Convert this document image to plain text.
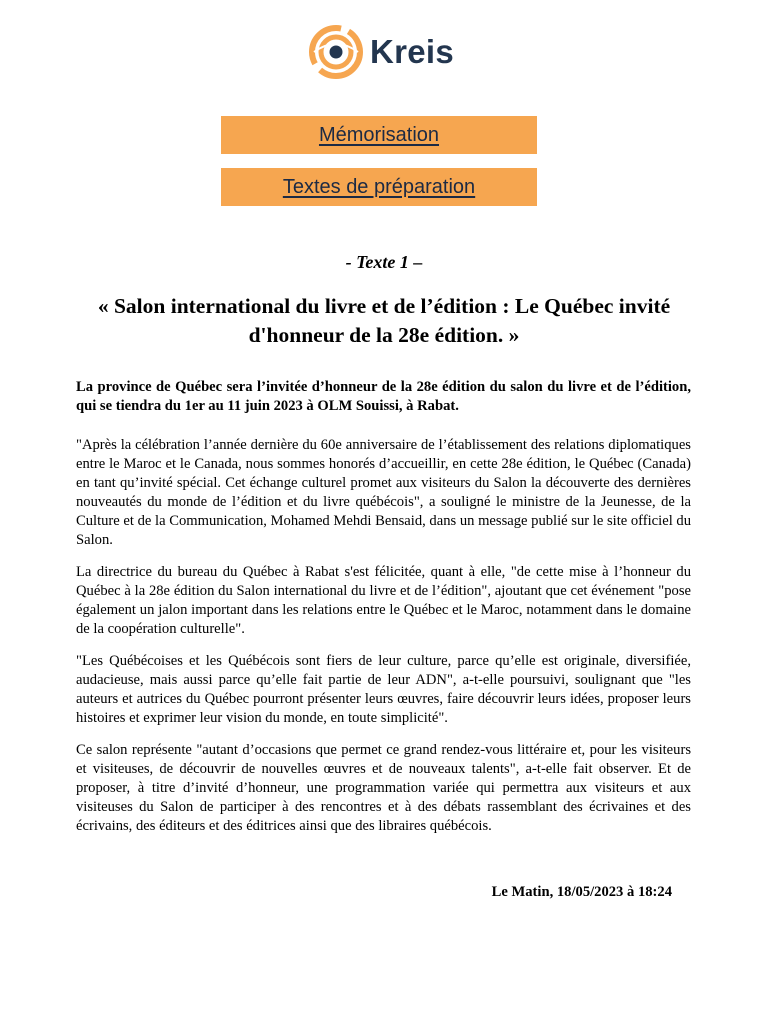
Kreis
Mémorisation
Textes de préparation
- Texte 1 –
« Salon international du livre et de l’édition : Le Québec invité d'honneur de la 28e édition. »
La province de Québec sera l’invitée d’honneur de la 28e édition du salon du livre et de l’édition, qui se tiendra du 1er au 11 juin 2023 à OLM Souissi, à Rabat.
"Après la célébration l’année dernière du 60e anniversaire de l’établissement des relations diplomatiques entre le Maroc et le Canada, nous sommes honorés d’accueillir, en cette 28e édition, le Québec (Canada) en tant qu’invité spécial. Cet échange culturel promet aux visiteurs du Salon la découverte des dernières nouveautés du monde de l’édition et du livre québécois", a souligné le ministre de la Jeunesse, de la Culture et de la Communication, Mohamed Mehdi Bensaid, dans un message publié sur le site officiel du Salon.
La directrice du bureau du Québec à Rabat s'est félicitée, quant à elle, "de cette mise à l’honneur du Québec à la 28e édition du Salon international du livre et de l’édition", ajoutant que cet événement "pose également un jalon important dans les relations entre le Québec et le Maroc, notamment dans le domaine de la coopération culturelle".
"Les Québécoises et les Québécois sont fiers de leur culture, parce qu’elle est originale, diversifiée, audacieuse, mais aussi parce qu’elle fait partie de leur ADN", a-t-elle poursuivi, soulignant que "les auteurs et autrices du Québec pourront présenter leurs œuvres, faire découvrir leurs idées, proposer leurs histoires et exprimer leur vision du monde, en toute simplicité".
Ce salon représente "autant d’occasions que permet ce grand rendez-vous littéraire et, pour les visiteurs et visiteuses, de découvrir de nouvelles œuvres et de nouveaux talents", a-t-elle fait observer. Et de proposer, à titre d’invité d’honneur, une programmation variée qui permettra aux visiteurs et aux visiteuses du Salon de participer à des rencontres et à des débats rassemblant des écrivaines et des écrivains, des éditeurs et des éditrices ainsi que des libraires québécois.
Le Matin, 18/05/2023 à 18:24
